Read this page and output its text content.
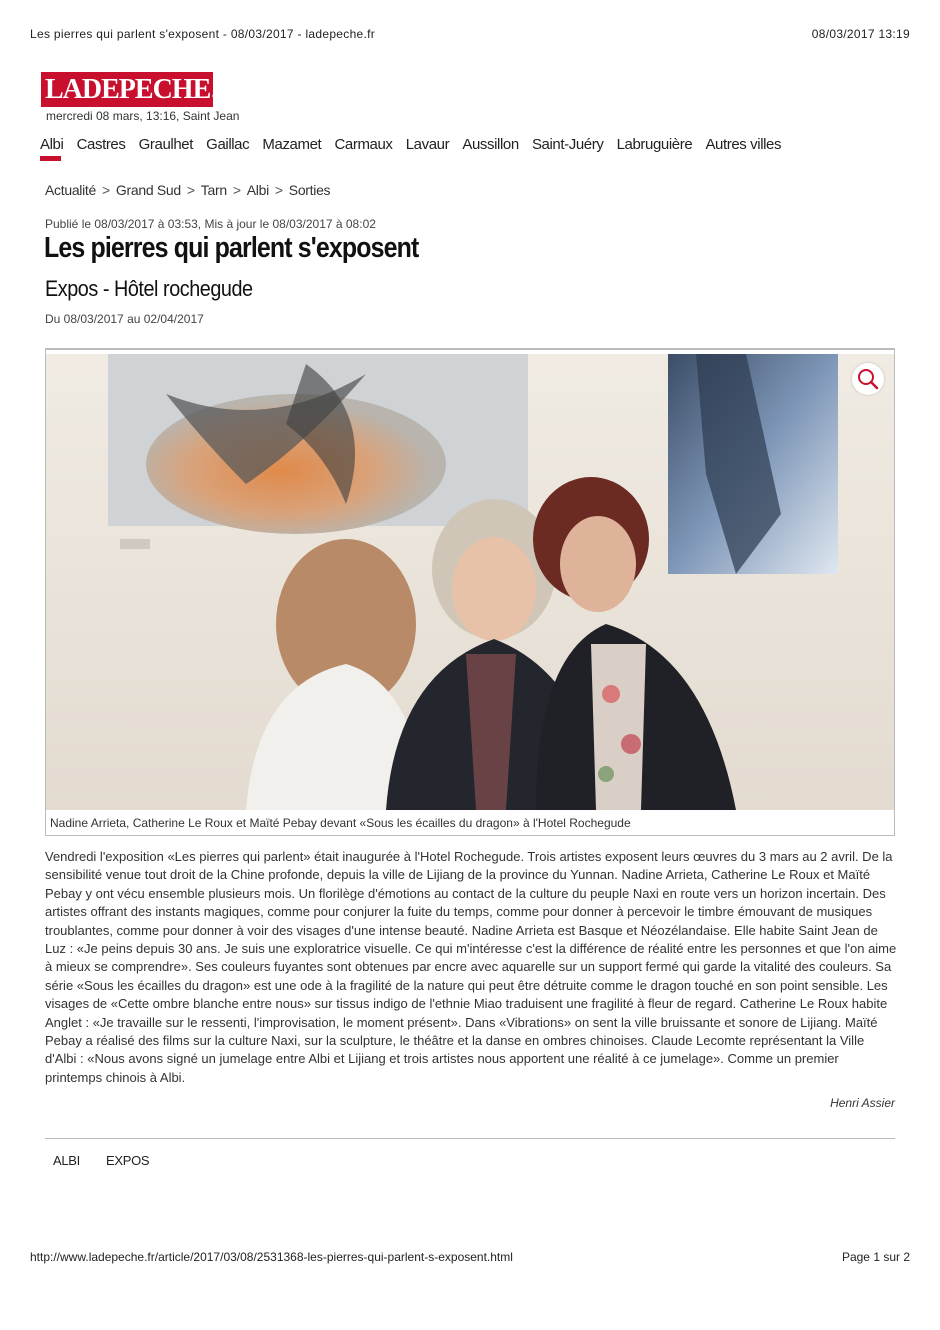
Les pierres qui parlent s'exposent - 08/03/2017 - ladepeche.fr	08/03/2017 13:19
LADEPECHE.fr
mercredi 08 mars, 13:16, Saint Jean
Albi Castres Graulhet Gaillac Mazamet Carmaux Lavaur Aussillon Saint-Juéry Labruguière Autres villes
Actualité > Grand Sud > Tarn > Albi > Sorties
Publié le 08/03/2017 à 03:53, Mis à jour le 08/03/2017 à 08:02
Les pierres qui parlent s'exposent
Expos - Hôtel rochegude
Du 08/03/2017 au 02/04/2017
Nadine Arrieta, Catherine Le Roux et Maïté Pebay devant «Sous les écailles du dragon» à l'Hotel Rochegude
Vendredi l'exposition «Les pierres qui parlent» était inaugurée à l'Hotel Rochegude. Trois artistes exposent leurs œuvres du 3 mars au 2 avril. De la sensibilité venue tout droit de la Chine profonde, depuis la ville de Lijiang de la province du Yunnan. Nadine Arrieta, Catherine Le Roux et Maïté Pebay y ont vécu ensemble plusieurs mois. Un florilège d'émotions au contact de la culture du peuple Naxi en route vers un horizon incertain. Des artistes offrant des instants magiques, comme pour conjurer la fuite du temps, comme pour donner à percevoir le timbre émouvant de musiques troublantes, comme pour donner à voir des visages d'une intense beauté. Nadine Arrieta est Basque et Néozélandaise. Elle habite Saint Jean de Luz : «Je peins depuis 30 ans. Je suis une exploratrice visuelle. Ce qui m'intéresse c'est la différence de réalité entre les personnes et que l'on aime à mieux se comprendre». Ses couleurs fuyantes sont obtenues par encre avec aquarelle sur un support fermé qui garde la vitalité des couleurs. Sa série «Sous les écailles du dragon» est une ode à la fragilité de la nature qui peut être détruite comme le dragon touché en son point sensible. Les visages de «Cette ombre blanche entre nous» sur tissus indigo de l'ethnie Miao traduisent une fragilité à fleur de regard. Catherine Le Roux habite Anglet : «Je travaille sur le ressenti, l'improvisation, le moment présent». Dans «Vibrations» on sent la ville bruissante et sonore de Lijiang. Maïté Pebay a réalisé des films sur la culture Naxi, sur la sculpture, le théâtre et la danse en ombres chinoises. Claude Lecomte représentant la Ville d'Albi : «Nous avons signé un jumelage entre Albi et Lijiang et trois artistes nous apportent une réalité à ce jumelage». Comme un premier printemps chinois à Albi.
Henri Assier
ALBI EXPOS
http://www.ladepeche.fr/article/2017/03/08/2531368-les-pierres-qui-parlent-s-exposent.html	Page 1 sur 2
